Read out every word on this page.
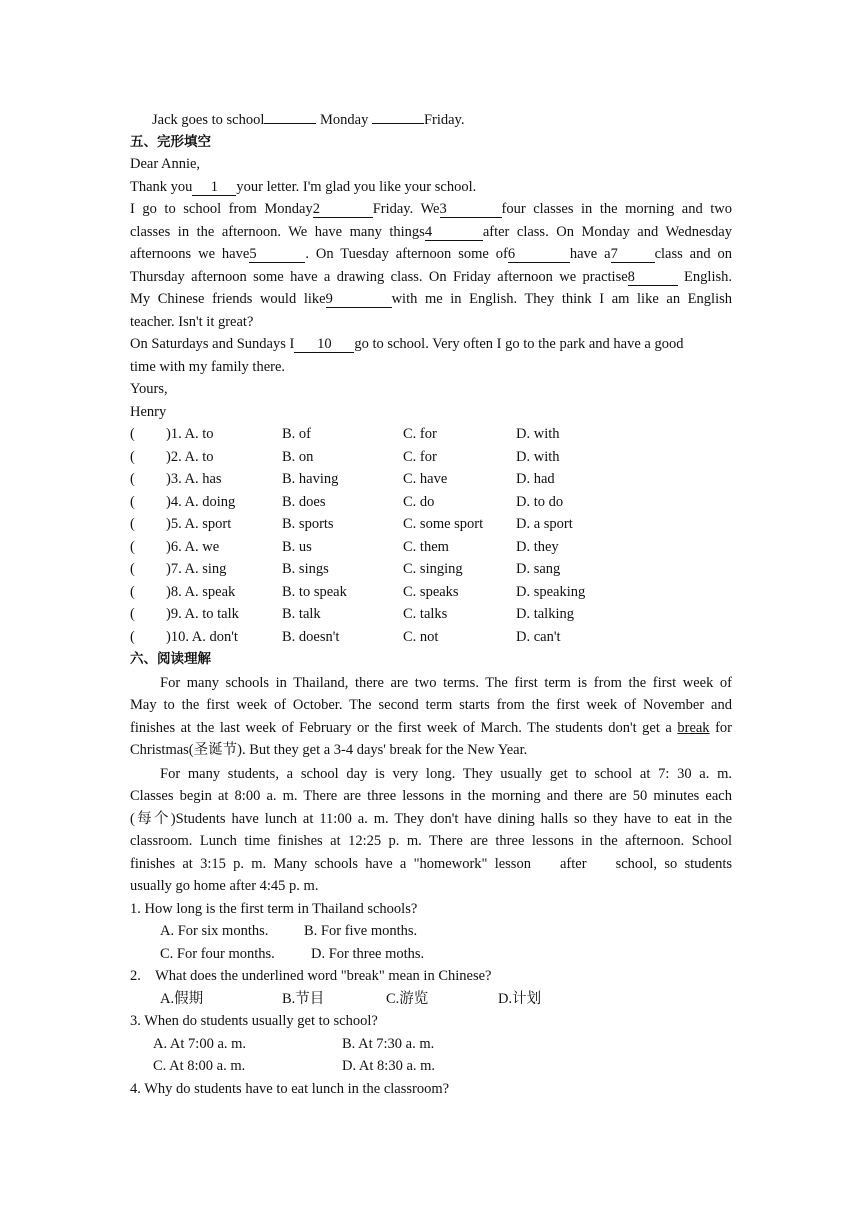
Jack goes to school	Monday	Friday.
五、完形填空
Dear Annie,
Thank you 1 your letter. I'm glad you like your school.
I go to school from Monday2	Friday. We3	four classes in the morning and two
classes in the afternoon. We have many things4	after class. On Monday and Wednesday
afternoons we have5	. On Tuesday afternoon some of6	have a7	class and on
Thursday afternoon some have a drawing class. On Friday afternoon we practise8	English.
My Chinese friends would like9	with me in English. They think I am like an English
teacher. Isn't it great?
On Saturdays and Sundays I 10 go to school. Very often I go to the park and have a good
time with my family there.
Yours,
Henry
( )1. A. to	B. of	C. for	D. with
( )2. A. to	B. on	C. for	D. with
( )3. A. has	B. having	C. have	D. had
( )4. A. doing	B. does	C. do	D. to do
( )5. A. sport	B. sports	C. some sport D. a sport
( )6. A. we	B. us	C. them	D. they
( )7. A. sing	B. sings	C. singing	D. sang
( )8. A. speak	B. to speak	C. speaks	D. speaking
( )9. A. to talk	B. talk	C. talks	D. talking
( )10. A. don't	B. doesn't	C. not	D. can't
六、阅读理解
For many schools in Thailand, there are two terms. The first term is from the first week of
May to the first week of October. The second term starts from the first week of November and
finishes at the last week of February or the first week of March. The students don't get a break for
Christmas(圣诞节). But they get a 3-4 days' break for the New Year.
For many students, a school day is very long. They usually get to school at 7: 30 a. m.
Classes begin at 8:00 a. m. There are three lessons in the morning and there are 50 minutes each
(每个)Students have lunch at 11:00 a. m. They don't have dining halls so they have to eat in the
classroom. Lunch time finishes at 12:25 p. m. There are three lessons in the afternoon. School
finishes at 3:15 p. m. Many schools have a "homework" lesson    after    school, so students
usually go home after 4:45 p. m.
1. How long is the first term in Thailand schools?
A. For six months. B. For five months.
C. For four months. D. For three moths.
2.    What does the underlined word "break" mean in Chinese?
A.假期	B.节目	C.游览	D.计划
3. When do students usually get to school?
A. At 7:00 a. m.	B. At 7:30 a. m.
C. At 8:00 a. m.	D. At 8:30 a. m.
4. Why do students have to eat lunch in the classroom?
